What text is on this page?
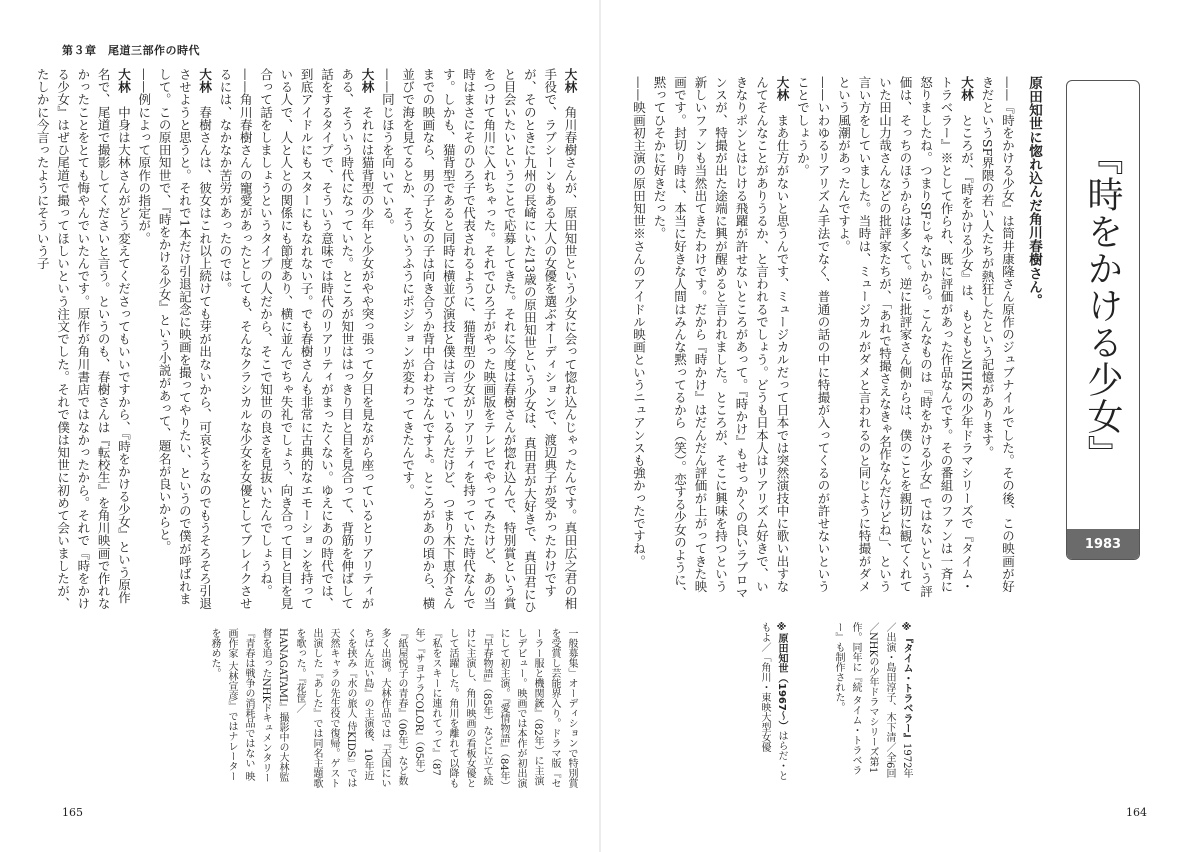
第３章　尾道三部作の時代
165

大林　角川春樹さんが、原田知世という少女に会って惚れ込んじゃったんです。真田広之君の相手役で、ラブシーンもある大人の女優を選ぶオーディションで、渡辺典子が受かったわけですが、そのときに九州の長崎にいた13歳の原田知世という少女は、真田君が大好きで、真田君にひと目会いたいということで応募してきた。それに今度は春樹さんが惚れ込んで、特別賞という賞をつけて角川に入れちゃった。それでひろ子がやった映画版をテレビでやってみたけど、あの当時はまさにそのひろ子で代表されるように、猫背型の少女がリアリティを持っていた時代なんです。しかも、猫背型であると同時に横並び演技と僕は言っているんだけど、つまり木下恵介さんまでの映画なら、男の子と女の子は向き合うか背中合わせなんですよ。ところがあの頃から、横並びで海を見てるとか、そういうふうにポジションが変わってきたんです。

——同じほうを向いている。

大林　それには猫背型の少年と少女がやや突っ張って夕日を見ながら座っているとリアリティがある、そういう時代になっていた。ところが知世ははっきり目と目を見合って、背筋を伸ばして話をするタイプで、そういう意味では時代のリアリティがまったくない。ゆえにあの時代では、到底アイドルにもスターにもなれない子。でも春樹さんも非常に古典的なエモーションを持っている人で、人と人との関係にも節度あり、横に並んでちゃ失礼でしょう、向き合って目と目を見合って話をしましょうというタイプの人だから、そこで知世の良さを見抜いたんでしょうね。

——角川春樹さんの寵愛があったとしても、そんなクラシカルな少女を女優としてブレイクさせるには、なかなか苦労があったのでは。

大林　春樹さんは、彼女はこれ以上続けても芽が出ないから、可哀そうなのでもうそろそろ引退させようと思うと。それで1本だけ引退記念に映画を撮ってやりたい、というので僕が呼ばれまして。この原田知世で、『時をかける少女』という小説があって、題名が良いからと。

——例によって原作の指定が。

大林　中身は大林さんがどう変えてくださってもいいですから、『時をかける少女』という原作名で、尾道で撮影してくださいと言う。というのも、春樹さんは『転校生』を角川映画で作れなかったことをとても悔やんでいたんです。原作が角川書店ではなかったから。それで『時をかける少女』はぜひ尾道で撮ってほしいという注文でした。それで僕は知世に初めて会いましたが、たしかに今言ったようにそういう子

一般募集」オーディションで特別賞を受賞し芸能界入り。ドラマ版『セーラー服と機関銃』（82年）に主演しデビュー。映画では本作が初出演にして初主演。『愛情物語』（84年）『早春物語』（85年）などに立て続けに主演し、角川映画の看板女優として活躍した。角川を離れて以降も『私をスキーに連れてって』（87年）『サヨナラCOLOR』（05年）『紙屋悦子の青春』（06年）など数多く出演。大林作品では『天国にいちばん近い島』の主演後、10年近くを挟み『水の旅人 侍KIDS』では天然キャラの先生役で復帰。ゲスト出演した『あした』では同名主題歌を歌った。『花筐／HANAGATAMI』撮影中の大林監督を追ったNHKドキュメンタリー『青春は戦争の消耗品ではない 映画作家 大林宣彦』ではナレーターを務めた。

164
『時をかける少女』
1983
原田知世に惚れ込んだ角川春樹さん。

——『時をかける少女』は筒井康隆さん原作のジュブナイルでした。その後、この映画が好きだというSF界隈の若い人たちが熱狂したという記憶があります。

大林　ところが、『時をかける少女』は、もともとNHKの少年ドラマシリーズで『タイム・トラベラー』※として作られ、既に評価があった作品なんです。その番組のファンは一斉に怒りましたね。つまりSFじゃないから。こんなものは『時をかける少女』ではないという評価は、そっちのほうからは多くて。逆に批評家さん側からは、僕のことを親切に観てくれていた田山力哉さんなどの批評家たちが、「あれで特撮さえなきゃ名作なんだけどね」、という言い方をしていました。当時は、ミュージカルがダメと言われるのと同じように特撮がダメという風潮があったんですよ。

——いわゆるリアリズム手法でなく、普通の話の中に特撮が入ってくるのが許せないということでしょうか。

大林　まあ仕方がないと思うんです、ミュージカルだって日本では突然演技中に歌い出すなんてそんなことがありうるか、と言われるでしょう。どうも日本人はリアリズム好きで、いきなりポンとはじける飛躍が許せないところがあって。『時かけ』もせっかくの良いラブロマンスが、特撮が出た途端に興が醒めると言われました。ところが、そこに興味を持つという新しいファンも当然出てきたわけです。だから『時かけ』はだんだん評価が上がってきた映画です。封切り時は、本当に好きな人間はみんな黙ってるから（笑）。恋する少女のように、黙ってひそかに好きだった。

——映画初主演の原田知世※さんのアイドル映画というニュアンスも強かったですね。

※『タイム・トラベラー』1972年／出演・島田淳子、木下清／全6回／NHKの少年ドラマシリーズ第1作。同年に『続 タイム・トラベラー』も制作された。

※原田知世（1967〜）はらだ・ともよ／「角川・東映大型女優
